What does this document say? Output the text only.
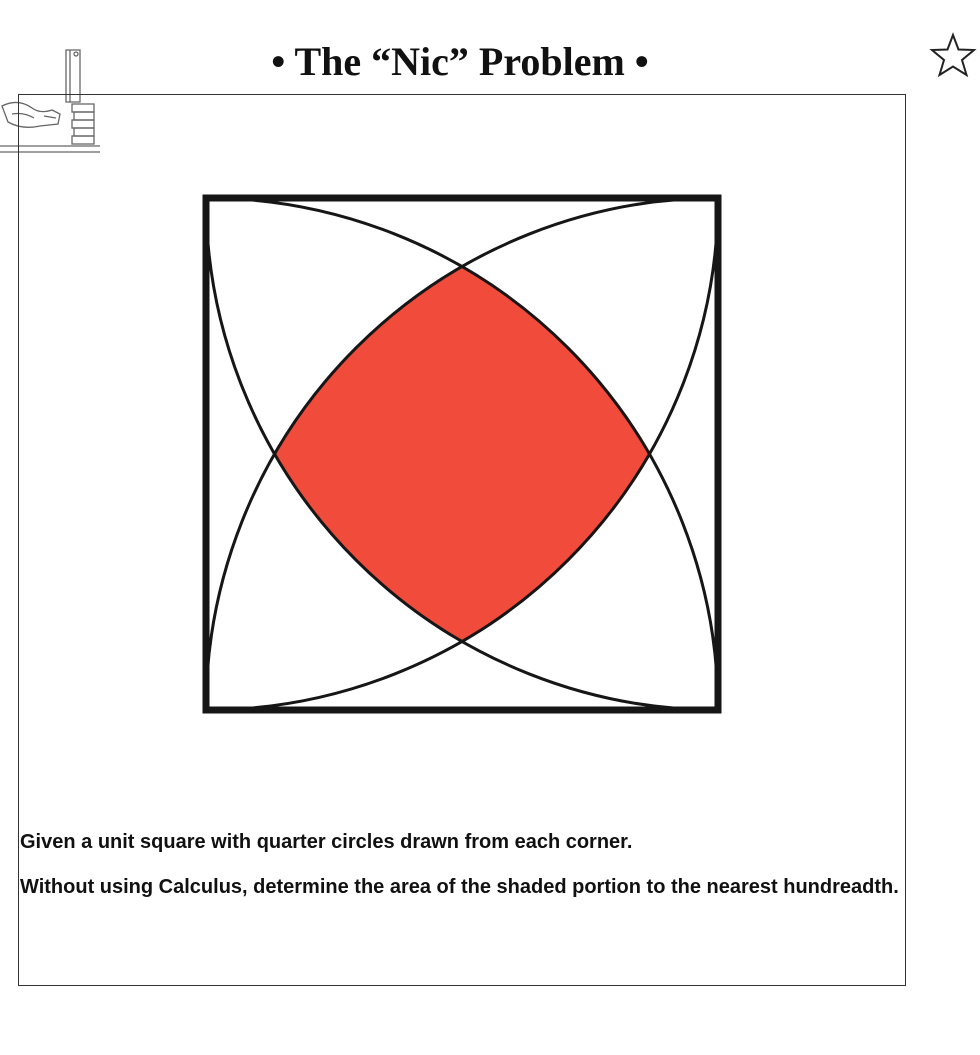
• The “Nic” Problem •

Given a unit square with quarter circles drawn from each corner.

Without using Calculus, determine the area of the shaded portion to the nearest hundreadth.
